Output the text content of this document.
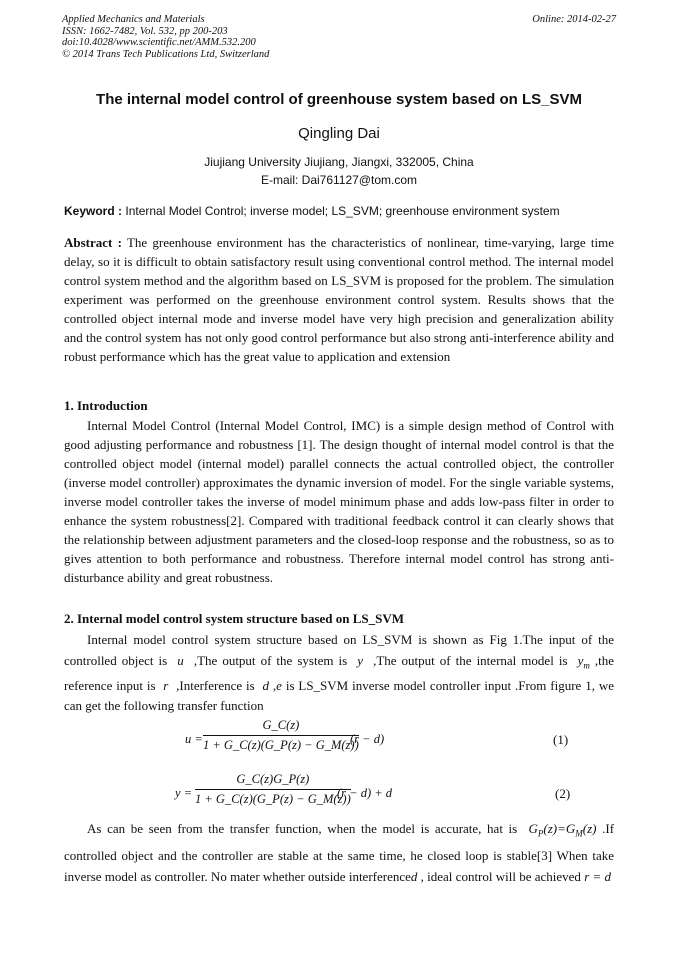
Applied Mechanics and Materials
ISSN: 1662-7482, Vol. 532, pp 200-203
doi:10.4028/www.scientific.net/AMM.532.200
© 2014 Trans Tech Publications Ltd, Switzerland
Online: 2014-02-27
The internal model control of greenhouse system based on LS_SVM
Qingling Dai
Jiujiang University Jiujiang, Jiangxi, 332005, China
E-mail: Dai761127@tom.com
Keyword : Internal Model Control; inverse model; LS_SVM; greenhouse environment system

Abstract : The greenhouse environment has the characteristics of nonlinear, time-varying, large time delay, so it is difficult to obtain satisfactory result using conventional control method. The internal model control system method and the algorithm based on LS_SVM is proposed for the problem. The simulation experiment was performed on the greenhouse environment control system. Results shows that the controlled object internal mode and inverse model have very high precision and generalization ability and the control system has not only good control performance but also strong anti-interference ability and robust performance which has the great value to application and extension

1. Introduction

Internal Model Control (Internal Model Control, IMC) is a simple design method of Control with good adjusting performance and robustness [1]. The design thought of internal model control is that the controlled object model (internal model) parallel connects the actual controlled object, the controller (inverse model controller) approximates the dynamic inversion of model. For the single variable systems, inverse model controller takes the inverse of model minimum phase and adds low-pass filter in order to enhance the system robustness[2]. Compared with traditional feedback control it can clearly shows that the relationship between adjustment parameters and the closed-loop response and the robustness, so as to gives attention to both performance and robustness. Therefore internal model control has strong anti-disturbance ability and great robustness.

2. Internal model control system structure based on LS_SVM

Internal model control system structure based on LS_SVM is shown as Fig 1.The input of the controlled object is u ,The output of the system is y ,The output of the internal model is $y_m$ ,the reference input is r ,Interference is d ,e is LS_SVM inverse model controller input .From figure 1, we can get the following transfer function

u =
G_C(z)
1 + G_C(z)(G_P(z) − G_M(z))
(r − d)	(1)
y =
G_C(z)G_P(z)
1 + G_C(z)(G_P(z) − G_M(z))
(r − d) + d	(2)

As can be seen from the transfer function, when the model is accurate, hat is $G_P(z)=G_M(z)$ .If controlled object and the controller are stable at the same time, he closed loop is stable[3] When take inverse model as controller. No mater whether outside interferenced , ideal control will be achieved r = d
